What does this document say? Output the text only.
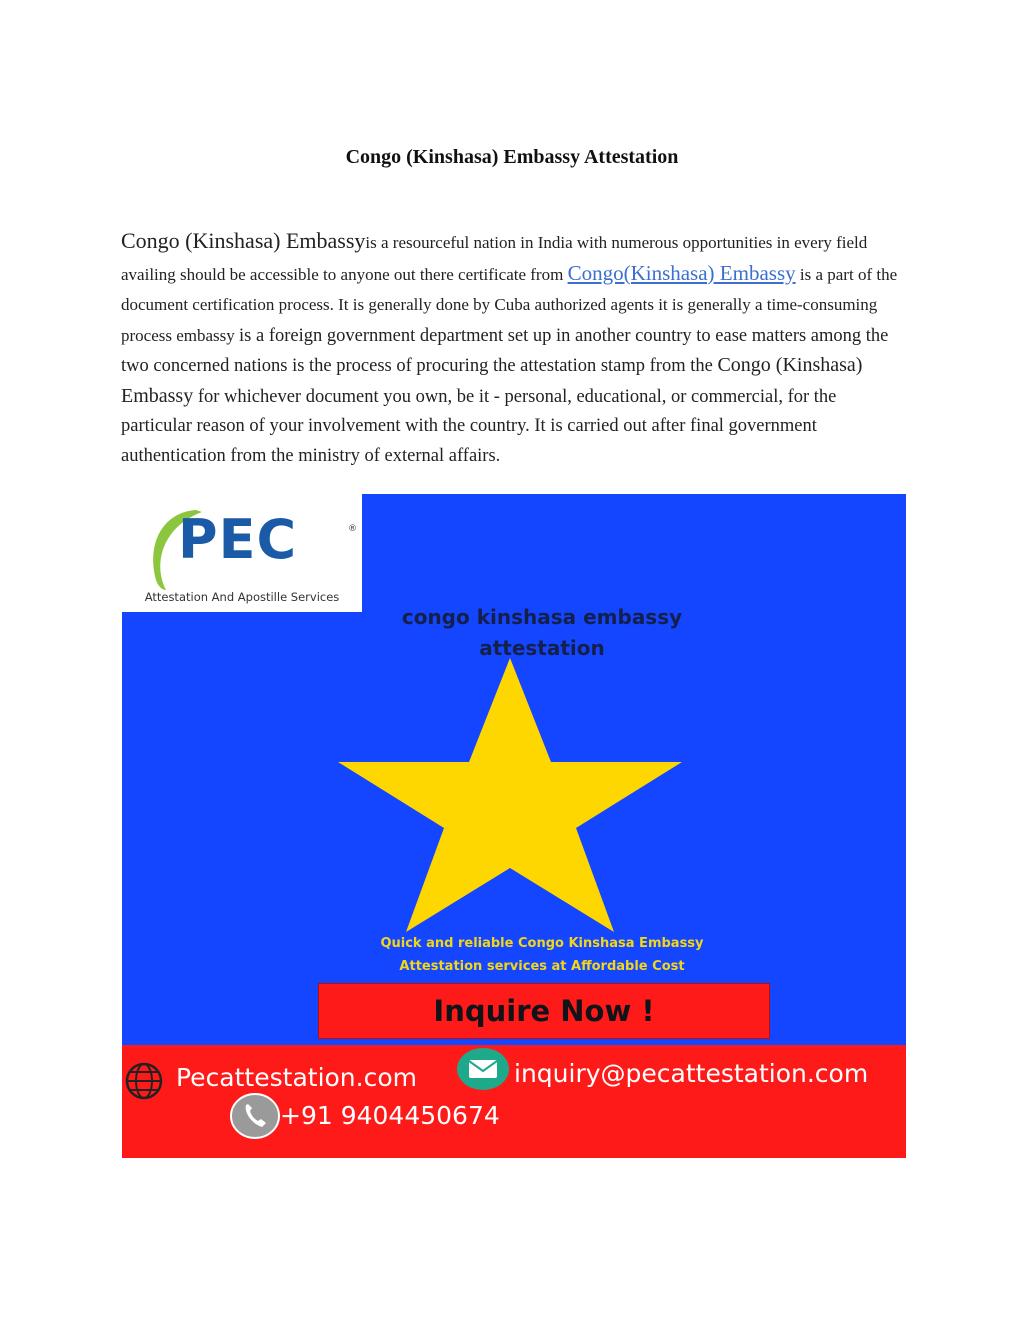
Congo (Kinshasa) Embassy Attestation
Congo (Kinshasa) Embassyis a resourceful nation in India with numerous opportunities in every field availing should be accessible to anyone out there certificate from Congo(Kinshasa) Embassy is a part of the document certification process. It is generally done by Cuba authorized agents it is generally a time-consuming process embassy is a foreign government department set up in another country to ease matters among the two concerned nations is the process of procuring the attestation stamp from the Congo (Kinshasa) Embassy for whichever document you own, be it - personal, educational, or commercial, for the particular reason of your involvement with the country. It is carried out after final government authentication from the ministry of external affairs.
PEC	®
Attestation And Apostille Services
congo kinshasa embassy
attestation
Quick and reliable Congo Kinshasa Embassy
Attestation services at Affordable Cost
Inquire Now !
Pecattestation.com	inquiry@pecattestation.com
+91 9404450674
